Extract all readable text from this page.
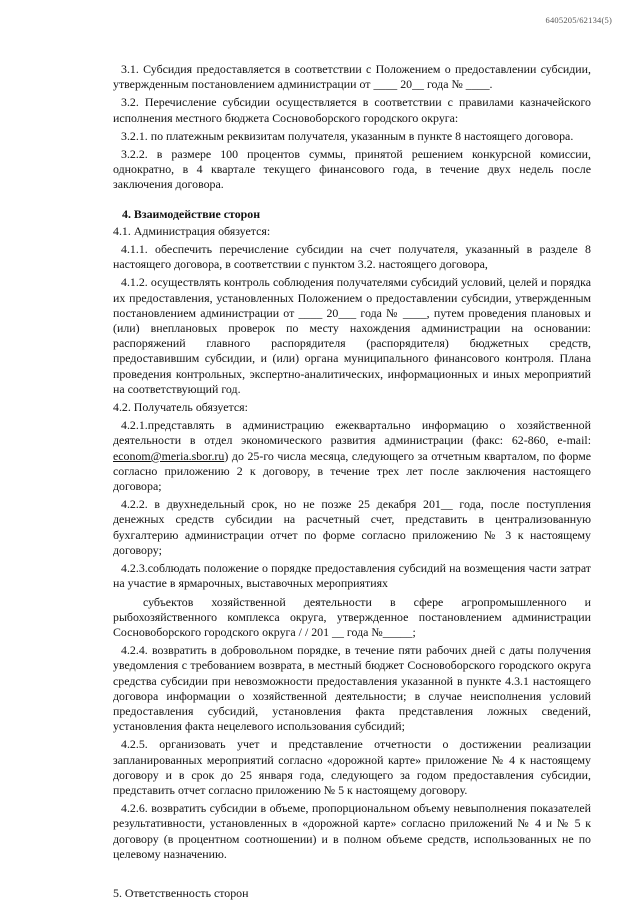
6405205/62134(5)

3.1. Субсидия предоставляется в соответствии с Положением о предоставлении субсидии, утвержденным постановлением администрации от ____ 20__ года № ____.

3.2. Перечисление субсидии осуществляется в соответствии с правилами казначейского исполнения местного бюджета Сосновоборского городского округа:

3.2.1. по платежным реквизитам получателя, указанным в пункте 8 настоящего договора.

3.2.2. в размере 100 процентов суммы, принятой решением конкурсной комиссии, однократно, в 4 квартале текущего финансового года, в течение двух недель после заключения договора.

4. Взаимодействие сторон

4.1. Администрация обязуется:

4.1.1. обеспечить перечисление субсидии на счет получателя, указанный в разделе 8 настоящего договора, в соответствии с пунктом 3.2. настоящего договора,

4.1.2. осуществлять контроль соблюдения получателями субсидий условий, целей и порядка их предоставления, установленных Положением о предоставлении субсидии, утвержденным постановлением администрации от ____ 20___ года № ____, путем проведения плановых и (или) внеплановых проверок по месту нахождения администрации на основании: распоряжений главного распорядителя (распорядителя) бюджетных средств, предоставившим субсидии, и (или) органа муниципального финансового контроля. Плана проведения контрольных, экспертно-аналитических, информационных и иных мероприятий на соответствующий год.

4.2. Получатель обязуется:

4.2.1.представлять в администрацию ежеквартально информацию о хозяйственной деятельности в отдел экономического развития администрации (факс: 62-860, e-mail: econom@meria.sbor.ru) до 25-го числа месяца, следующего за отчетным кварталом, по форме согласно приложению 2 к договору, в течение трех лет после заключения настоящего договора;

4.2.2. в двухнедельный срок, но не позже 25 декабря 201__ года, после поступления денежных средств субсидии на расчетный счет, представить в централизованную бухгалтерию администрации отчет по форме согласно приложению № 3 к настоящему договору;

4.2.3.соблюдать положение о порядке предоставления субсидий на возмещения части затрат на участие в ярмарочных, выставочных мероприятиях

субъектов хозяйственной деятельности в сфере агропромышленного и рыбохозяйственного комплекса округа, утвержденное постановлением администрации Сосновоборского городского округа / / 201 __ года №_____;

4.2.4. возвратить в добровольном порядке, в течение пяти рабочих дней с даты получения уведомления с требованием возврата, в местный бюджет Сосновоборского городского округа средства субсидии при невозможности предоставления указанной в пункте 4.3.1 настоящего договора информации о хозяйственной деятельности; в случае неисполнения условий предоставления субсидий, установления факта представления ложных сведений, установления факта нецелевого использования субсидий;

4.2.5. организовать учет и представление отчетности о достижении реализации запланированных мероприятий согласно «дорожной карте» приложение № 4 к настоящему договору и в срок до 25 января года, следующего за годом предоставления субсидии, представить отчет согласно приложению № 5 к настоящему договору.

4.2.6. возвратить субсидии в объеме, пропорциональном объему невыполнения показателей результативности, установленных в «дорожной карте» согласно приложений № 4 и № 5 к договору (в процентном соотношении) и в полном объеме средств, использованных не по целевому назначению.

5. Ответственность сторон
